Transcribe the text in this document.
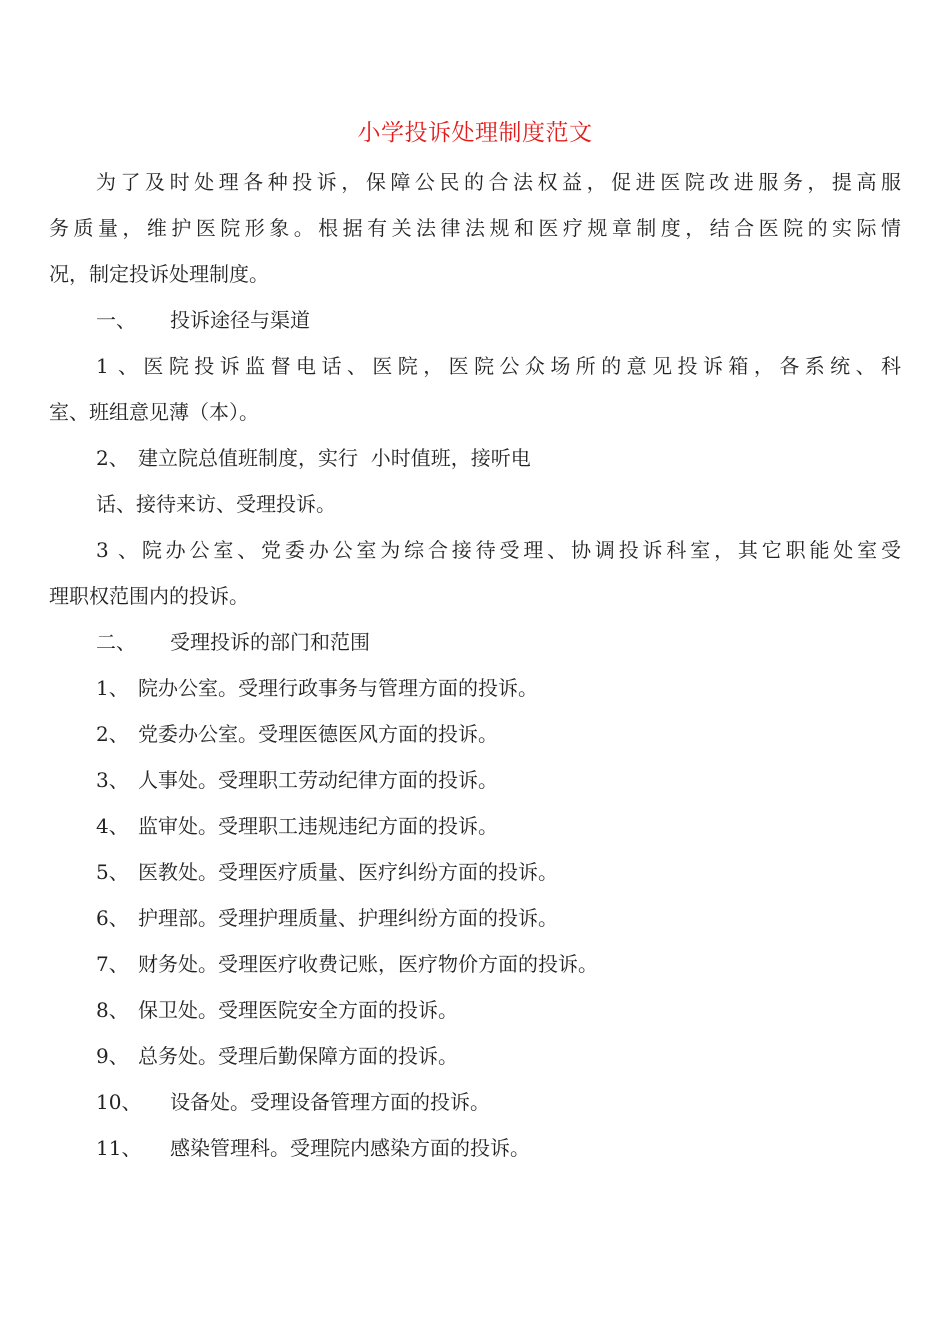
小学投诉处理制度范文
为了及时处理各种投诉，保障公民的合法权益，促进医院改进服务，提高服
务质量，维护医院形象。根据有关法律法规和医疗规章制度，结合医院的实际情
况，制定投诉处理制度。
一、 投诉途径与渠道
1、医院投诉监督电话、医院，医院公众场所的意见投诉箱，各系统、科
室、班组意见薄（本）。
2、 建立院总值班制度，实行  小时值班，接听电
话、接待来访、受理投诉。
3、院办公室、党委办公室为综合接待受理、协调投诉科室，其它职能处室受
理职权范围内的投诉。
二、 受理投诉的部门和范围
1、 院办公室。受理行政事务与管理方面的投诉。
2、 党委办公室。受理医德医风方面的投诉。
3、 人事处。受理职工劳动纪律方面的投诉。
4、 监审处。受理职工违规违纪方面的投诉。
5、 医教处。受理医疗质量、医疗纠纷方面的投诉。
6、 护理部。受理护理质量、护理纠纷方面的投诉。
7、 财务处。受理医疗收费记账，医疗物价方面的投诉。
8、 保卫处。受理医院安全方面的投诉。
9、 总务处。受理后勤保障方面的投诉。
10、 设备处。受理设备管理方面的投诉。
11、 感染管理科。受理院内感染方面的投诉。
